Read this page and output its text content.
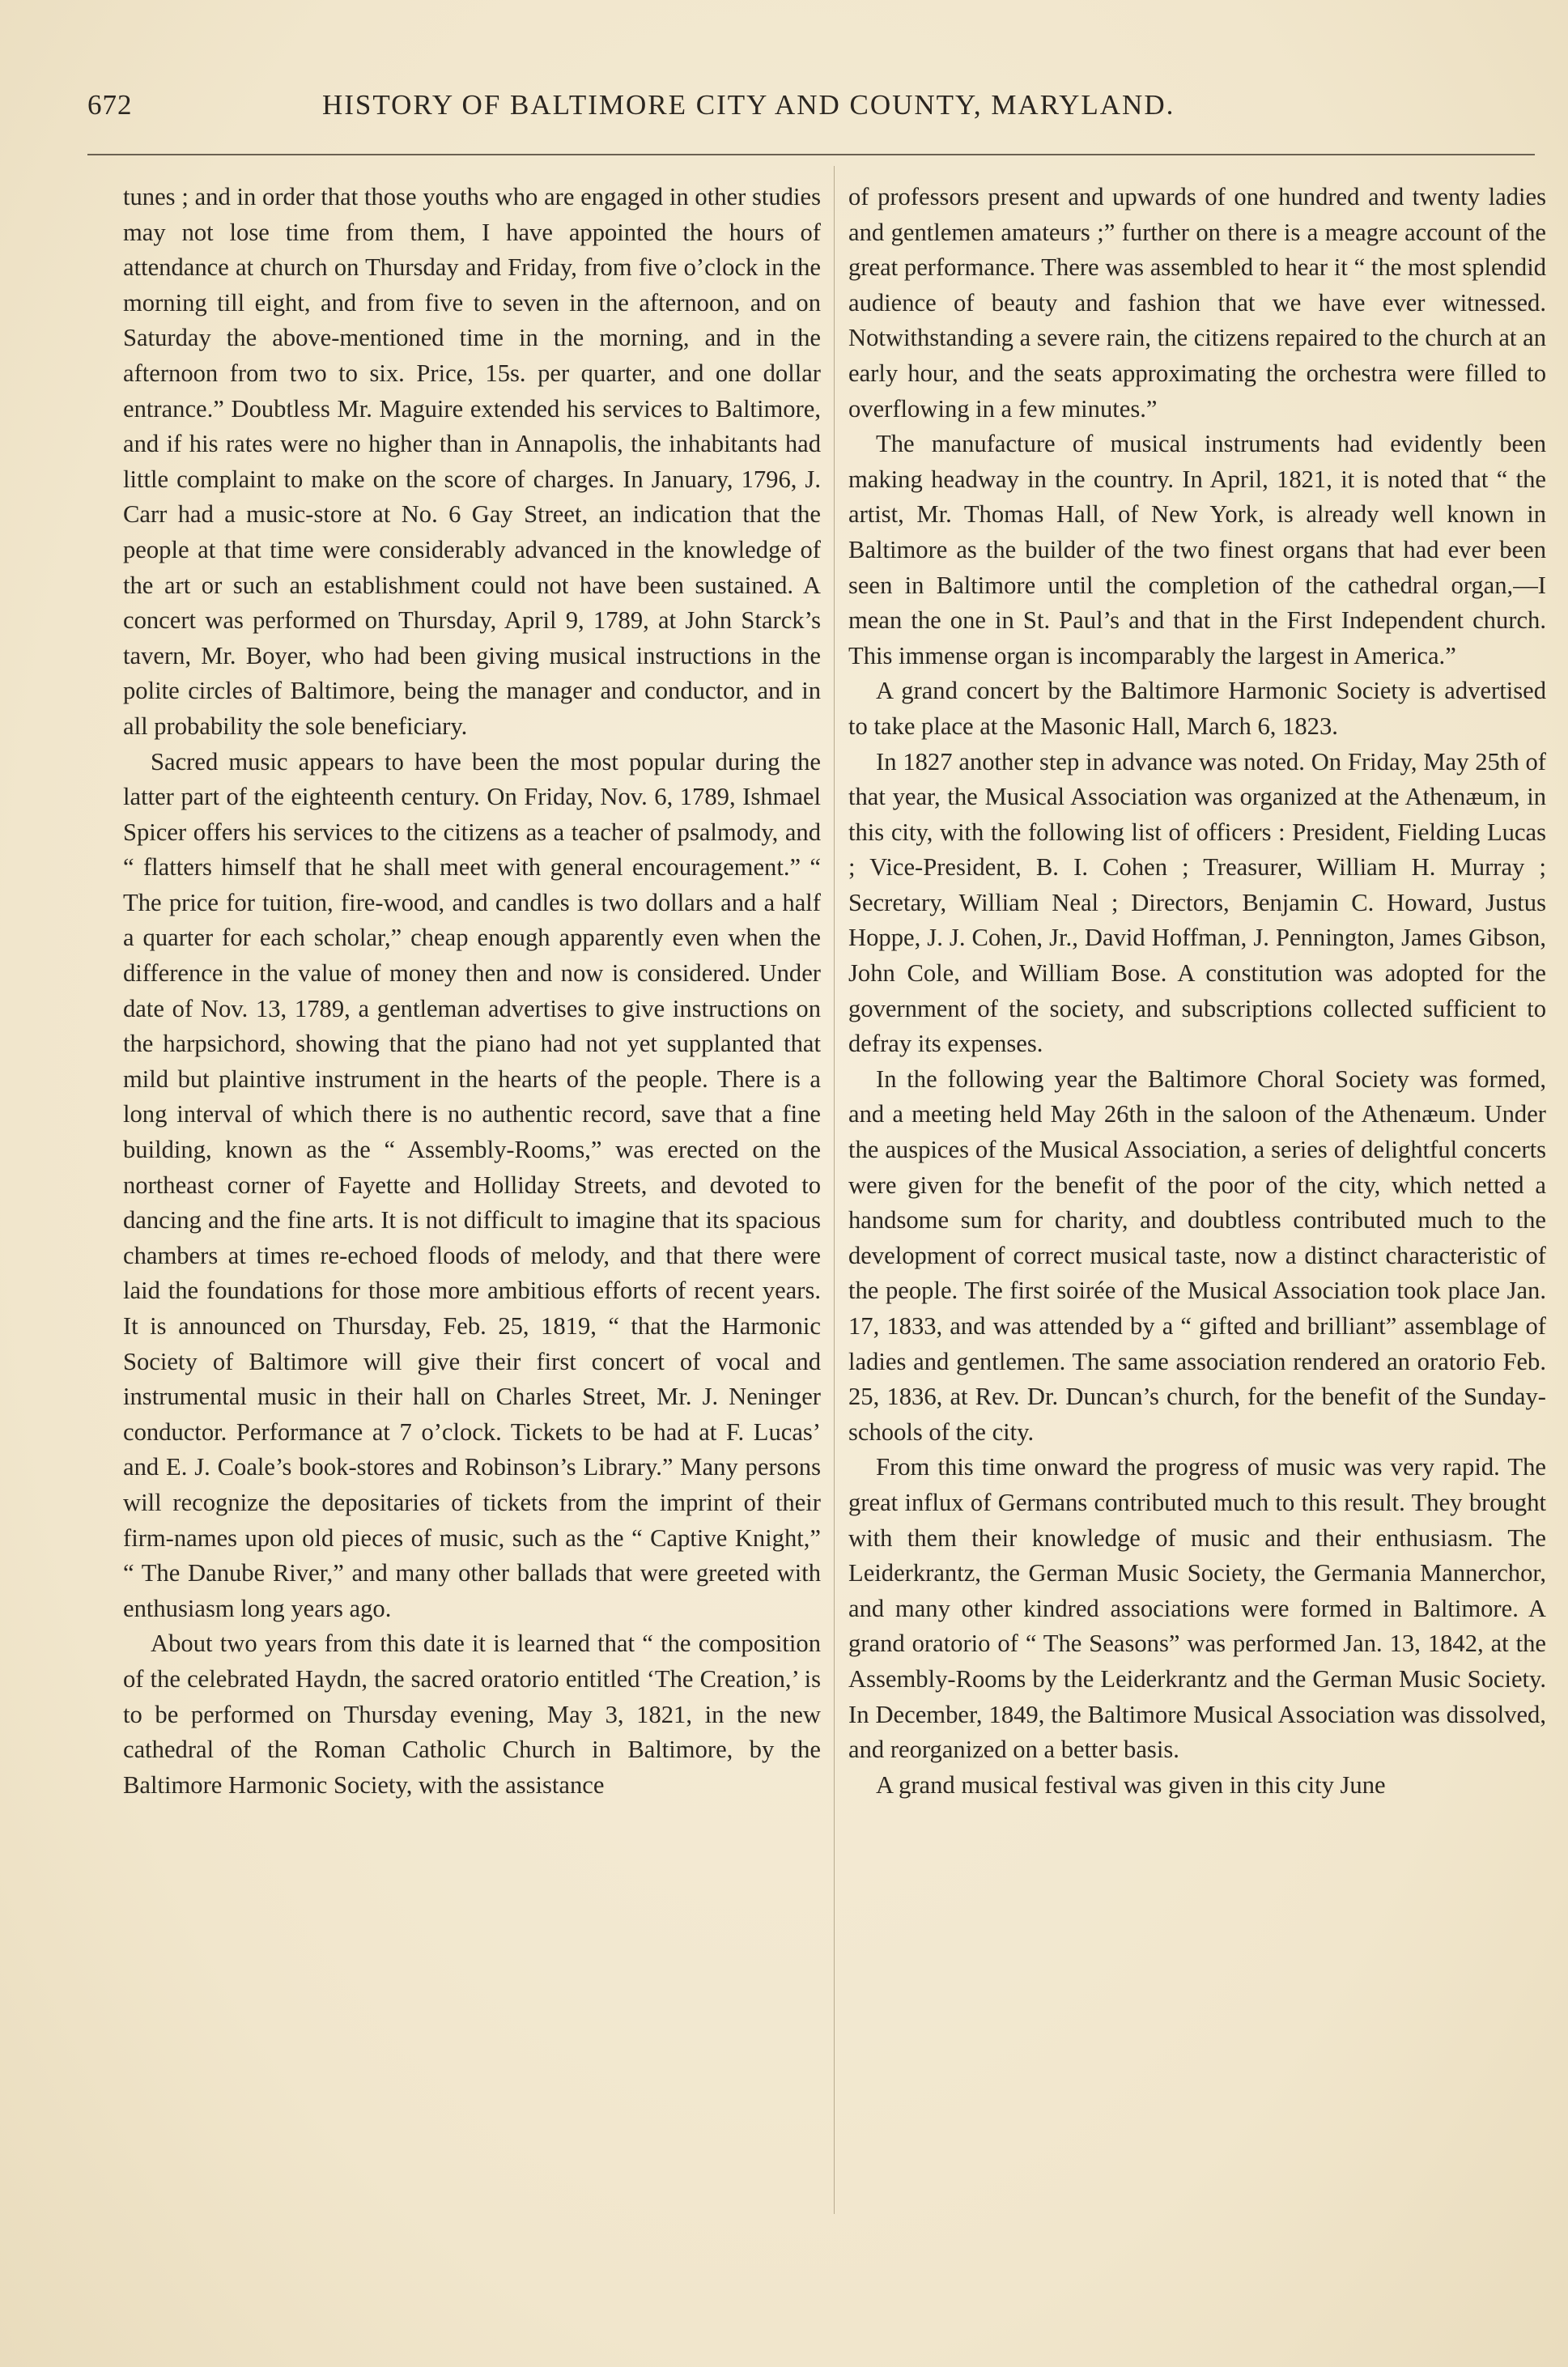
672	HISTORY OF BALTIMORE CITY AND COUNTY, MARYLAND.

tunes ; and in order that those youths who are engaged in other studies may not lose time from them, I have appointed the hours of attendance at church on Thursday and Friday, from five o’clock in the morning till eight, and from five to seven in the afternoon, and on Saturday the above-mentioned time in the morning, and in the afternoon from two to six. Price, 15s. per quarter, and one dollar entrance.” Doubtless Mr. Maguire extended his services to Baltimore, and if his rates were no higher than in Annapolis, the inhabitants had little complaint to make on the score of charges. In January, 1796, J. Carr had a music-store at No. 6 Gay Street, an indication that the people at that time were considerably advanced in the knowledge of the art or such an establishment could not have been sustained. A concert was performed on Thursday, April 9, 1789, at John Starck’s tavern, Mr. Boyer, who had been giving musical instructions in the polite circles of Baltimore, being the manager and conductor, and in all probability the sole beneficiary.

Sacred music appears to have been the most popular during the latter part of the eighteenth century. On Friday, Nov. 6, 1789, Ishmael Spicer offers his services to the citizens as a teacher of psalmody, and “ flatters himself that he shall meet with general encouragement.” “ The price for tuition, fire-wood, and candles is two dollars and a half a quarter for each scholar,” cheap enough apparently even when the difference in the value of money then and now is considered. Under date of Nov. 13, 1789, a gentleman advertises to give instructions on the harpsichord, showing that the piano had not yet supplanted that mild but plaintive instrument in the hearts of the people. There is a long interval of which there is no authentic record, save that a fine building, known as the “ Assembly-Rooms,” was erected on the northeast corner of Fayette and Holliday Streets, and devoted to dancing and the fine arts. It is not difficult to imagine that its spacious chambers at times re-echoed floods of melody, and that there were laid the foundations for those more ambitious efforts of recent years. It is announced on Thursday, Feb. 25, 1819, “ that the Harmonic Society of Baltimore will give their first concert of vocal and instrumental music in their hall on Charles Street, Mr. J. Neninger conductor. Performance at 7 o’clock. Tickets to be had at F. Lucas’ and E. J. Coale’s book-stores and Robinson’s Library.” Many persons will recognize the depositaries of tickets from the imprint of their firm-names upon old pieces of music, such as the “ Captive Knight,” “ The Danube River,” and many other ballads that were greeted with enthusiasm long years ago.

About two years from this date it is learned that “ the composition of the celebrated Haydn, the sacred oratorio entitled ‘The Creation,’ is to be performed on Thursday evening, May 3, 1821, in the new cathedral of the Roman Catholic Church in Baltimore, by the Baltimore Harmonic Society, with the assistance

of professors present and upwards of one hundred and twenty ladies and gentlemen amateurs ;” further on there is a meagre account of the great performance. There was assembled to hear it “ the most splendid audience of beauty and fashion that we have ever witnessed. Notwithstanding a severe rain, the citizens repaired to the church at an early hour, and the seats approximating the orchestra were filled to overflowing in a few minutes.”

The manufacture of musical instruments had evidently been making headway in the country. In April, 1821, it is noted that “ the artist, Mr. Thomas Hall, of New York, is already well known in Baltimore as the builder of the two finest organs that had ever been seen in Baltimore until the completion of the cathedral organ,—I mean the one in St. Paul’s and that in the First Independent church. This immense organ is incomparably the largest in America.”

A grand concert by the Baltimore Harmonic Society is advertised to take place at the Masonic Hall, March 6, 1823.

In 1827 another step in advance was noted. On Friday, May 25th of that year, the Musical Association was organized at the Athenæum, in this city, with the following list of officers : President, Fielding Lucas ; Vice-President, B. I. Cohen ; Treasurer, William H. Murray ; Secretary, William Neal ; Directors, Benjamin C. Howard, Justus Hoppe, J. J. Cohen, Jr., David Hoffman, J. Pennington, James Gibson, John Cole, and William Bose. A constitution was adopted for the government of the society, and subscriptions collected sufficient to defray its expenses.

In the following year the Baltimore Choral Society was formed, and a meeting held May 26th in the saloon of the Athenæum. Under the auspices of the Musical Association, a series of delightful concerts were given for the benefit of the poor of the city, which netted a handsome sum for charity, and doubtless contributed much to the development of correct musical taste, now a distinct characteristic of the people. The first soirée of the Musical Association took place Jan. 17, 1833, and was attended by a “ gifted and brilliant” assemblage of ladies and gentlemen. The same association rendered an oratorio Feb. 25, 1836, at Rev. Dr. Duncan’s church, for the benefit of the Sunday-schools of the city.

From this time onward the progress of music was very rapid. The great influx of Germans contributed much to this result. They brought with them their knowledge of music and their enthusiasm. The Leiderkrantz, the German Music Society, the Germania Mannerchor, and many other kindred associations were formed in Baltimore. A grand oratorio of “ The Seasons” was performed Jan. 13, 1842, at the Assembly-Rooms by the Leiderkrantz and the German Music Society. In December, 1849, the Baltimore Musical Association was dissolved, and reorganized on a better basis.

A grand musical festival was given in this city June
